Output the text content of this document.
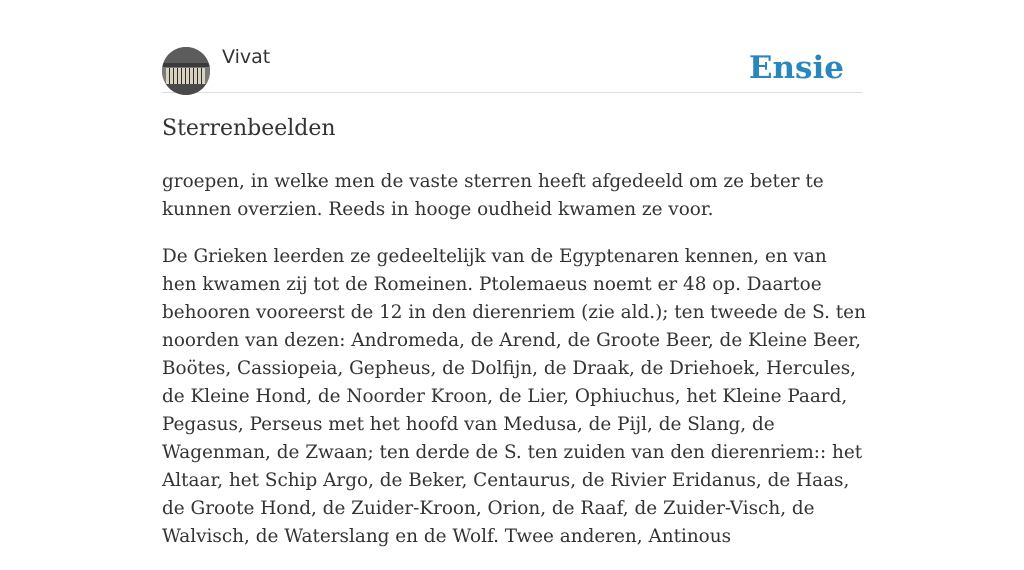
Vivat	Ensie
Sterrenbeelden

groepen, in welke men de vaste sterren heeft afgedeeld om ze beter te kunnen overzien. Reeds in hooge oudheid kwamen ze voor.

De Grieken leerden ze gedeeltelijk van de Egyptenaren kennen, en van hen kwamen zij tot de Romeinen. Ptolemaeus noemt er 48 op. Daartoe behooren vooreerst de 12 in den dierenriem (zie ald.); ten tweede de S. ten noorden van dezen: Andromeda, de Arend, de Groote Beer, de Kleine Beer, Boötes, Cassiopeia, Gepheus, de Dolfijn, de Draak, de Driehoek, Hercules, de Kleine Hond, de Noorder Kroon, de Lier, Ophiuchus, het Kleine Paard, Pegasus, Perseus met het hoofd van Medusa, de Pijl, de Slang, de Wagenman, de Zwaan; ten derde de S. ten zuiden van den dierenriem:: het Altaar, het Schip Argo, de Beker, Centaurus, de Rivier Eridanus, de Haas, de Groote Hond, de Zuider-Kroon, Orion, de Raaf, de Zuider-Visch, de Walvisch, de Waterslang en de Wolf. Twee anderen, Antinous
